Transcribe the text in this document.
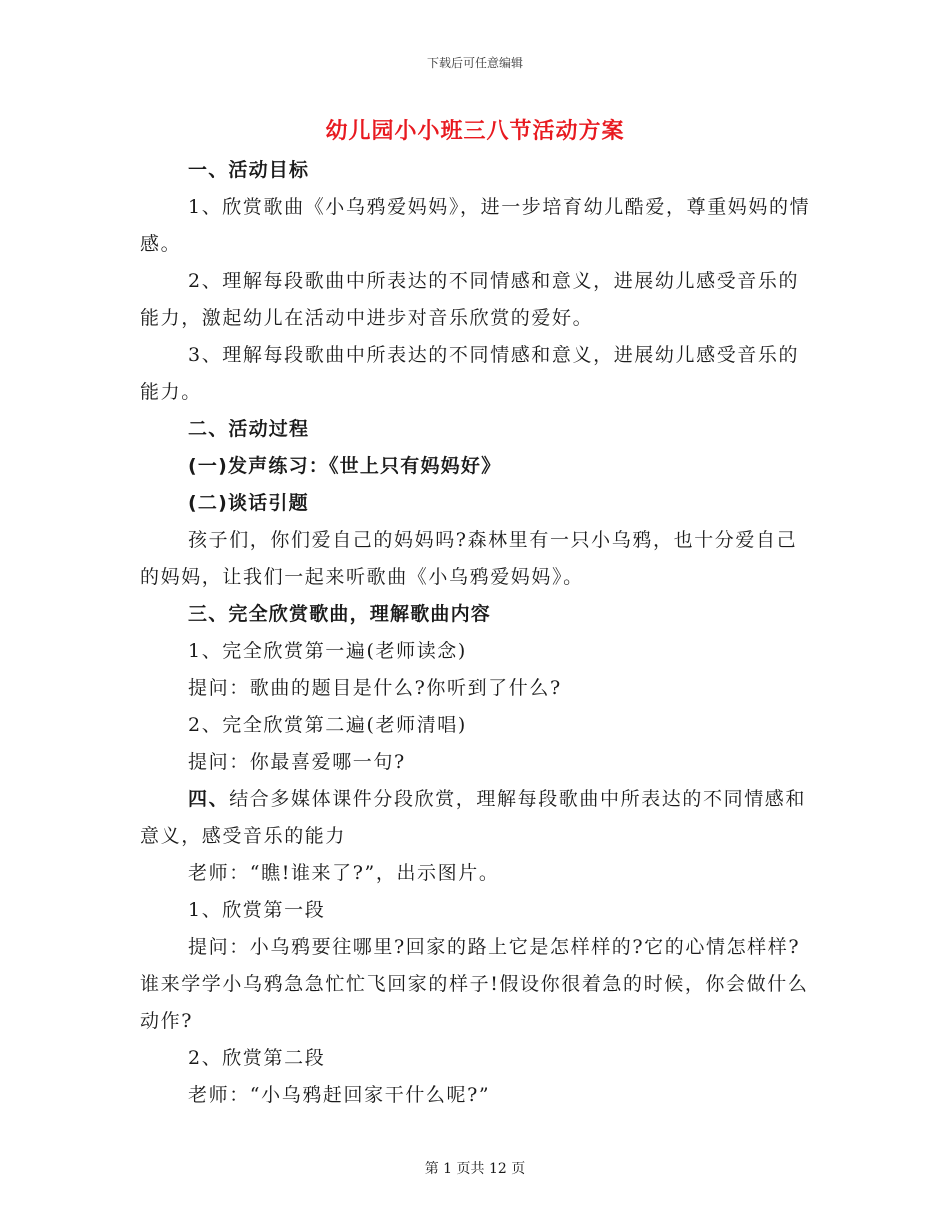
下载后可任意编辑
幼儿园小小班三八节活动方案

一、活动目标

1、欣赏歌曲《小乌鸦爱妈妈》，进一步培育幼儿酷爱，尊重妈妈的情感。

2、理解每段歌曲中所表达的不同情感和意义，进展幼儿感受音乐的能力，激起幼儿在活动中进步对音乐欣赏的爱好。

3、理解每段歌曲中所表达的不同情感和意义，进展幼儿感受音乐的能力。

二、活动过程

(一)发声练习：《世上只有妈妈好》

(二)谈话引题

孩子们，你们爱自己的妈妈吗?森林里有一只小乌鸦，也十分爱自己的妈妈，让我们一起来听歌曲《小乌鸦爱妈妈》。

三、完全欣赏歌曲，理解歌曲内容

1、完全欣赏第一遍(老师读念)

提问：歌曲的题目是什么?你听到了什么?

2、完全欣赏第二遍(老师清唱)

提问：你最喜爱哪一句?

四、结合多媒体课件分段欣赏，理解每段歌曲中所表达的不同情感和意义，感受音乐的能力

老师：“瞧!谁来了?”，出示图片。

1、欣赏第一段

提问：小乌鸦要往哪里?回家的路上它是怎样样的?它的心情怎样样?谁来学学小乌鸦急急忙忙飞回家的样子!假设你很着急的时候，你会做什么动作?

2、欣赏第二段

老师：“小乌鸦赶回家干什么呢?”

第 1 页共 12 页
